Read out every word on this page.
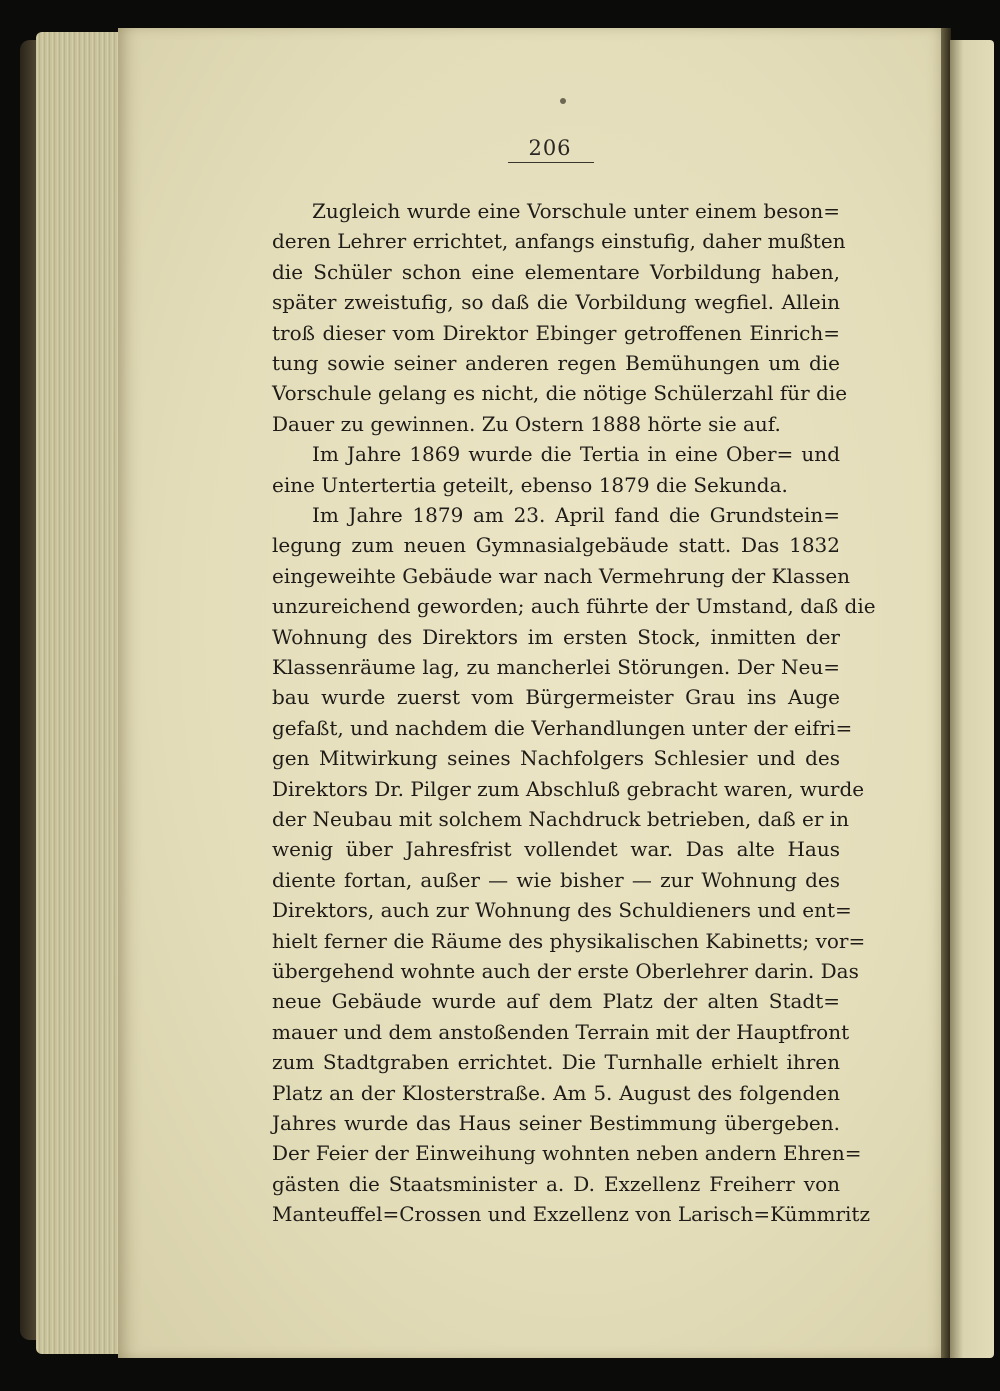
206
Zugleich wurde eine Vorschule unter einem beson=
deren Lehrer errichtet, anfangs einstufig, daher mußten
die Schüler schon eine elementare Vorbildung haben,
später zweistufig, so daß die Vorbildung wegfiel. Allein
troß dieser vom Direktor Ebinger getroffenen Einrich=
tung sowie seiner anderen regen Bemühungen um die
Vorschule gelang es nicht, die nötige Schülerzahl für die
Dauer zu gewinnen. Zu Ostern 1888 hörte sie auf.
Im Jahre 1869 wurde die Tertia in eine Ober= und
eine Untertertia geteilt, ebenso 1879 die Sekunda.
Im Jahre 1879 am 23. April fand die Grundstein=
legung zum neuen Gymnasialgebäude statt. Das 1832
eingeweihte Gebäude war nach Vermehrung der Klassen
unzureichend geworden; auch führte der Umstand, daß die
Wohnung des Direktors im ersten Stock, inmitten der
Klassenräume lag, zu mancherlei Störungen. Der Neu=
bau wurde zuerst vom Bürgermeister Grau ins Auge
gefaßt, und nachdem die Verhandlungen unter der eifri=
gen Mitwirkung seines Nachfolgers Schlesier und des
Direktors Dr. Pilger zum Abschluß gebracht waren, wurde
der Neubau mit solchem Nachdruck betrieben, daß er in
wenig über Jahresfrist vollendet war. Das alte Haus
diente fortan, außer — wie bisher — zur Wohnung des
Direktors, auch zur Wohnung des Schuldieners und ent=
hielt ferner die Räume des physikalischen Kabinetts; vor=
übergehend wohnte auch der erste Oberlehrer darin. Das
neue Gebäude wurde auf dem Platz der alten Stadt=
mauer und dem anstoßenden Terrain mit der Hauptfront
zum Stadtgraben errichtet. Die Turnhalle erhielt ihren
Platz an der Klosterstraße. Am 5. August des folgenden
Jahres wurde das Haus seiner Bestimmung übergeben.
Der Feier der Einweihung wohnten neben andern Ehren=
gästen die Staatsminister a. D. Exzellenz Freiherr von
Manteuffel=Crossen und Exzellenz von Larisch=Kümmritz
